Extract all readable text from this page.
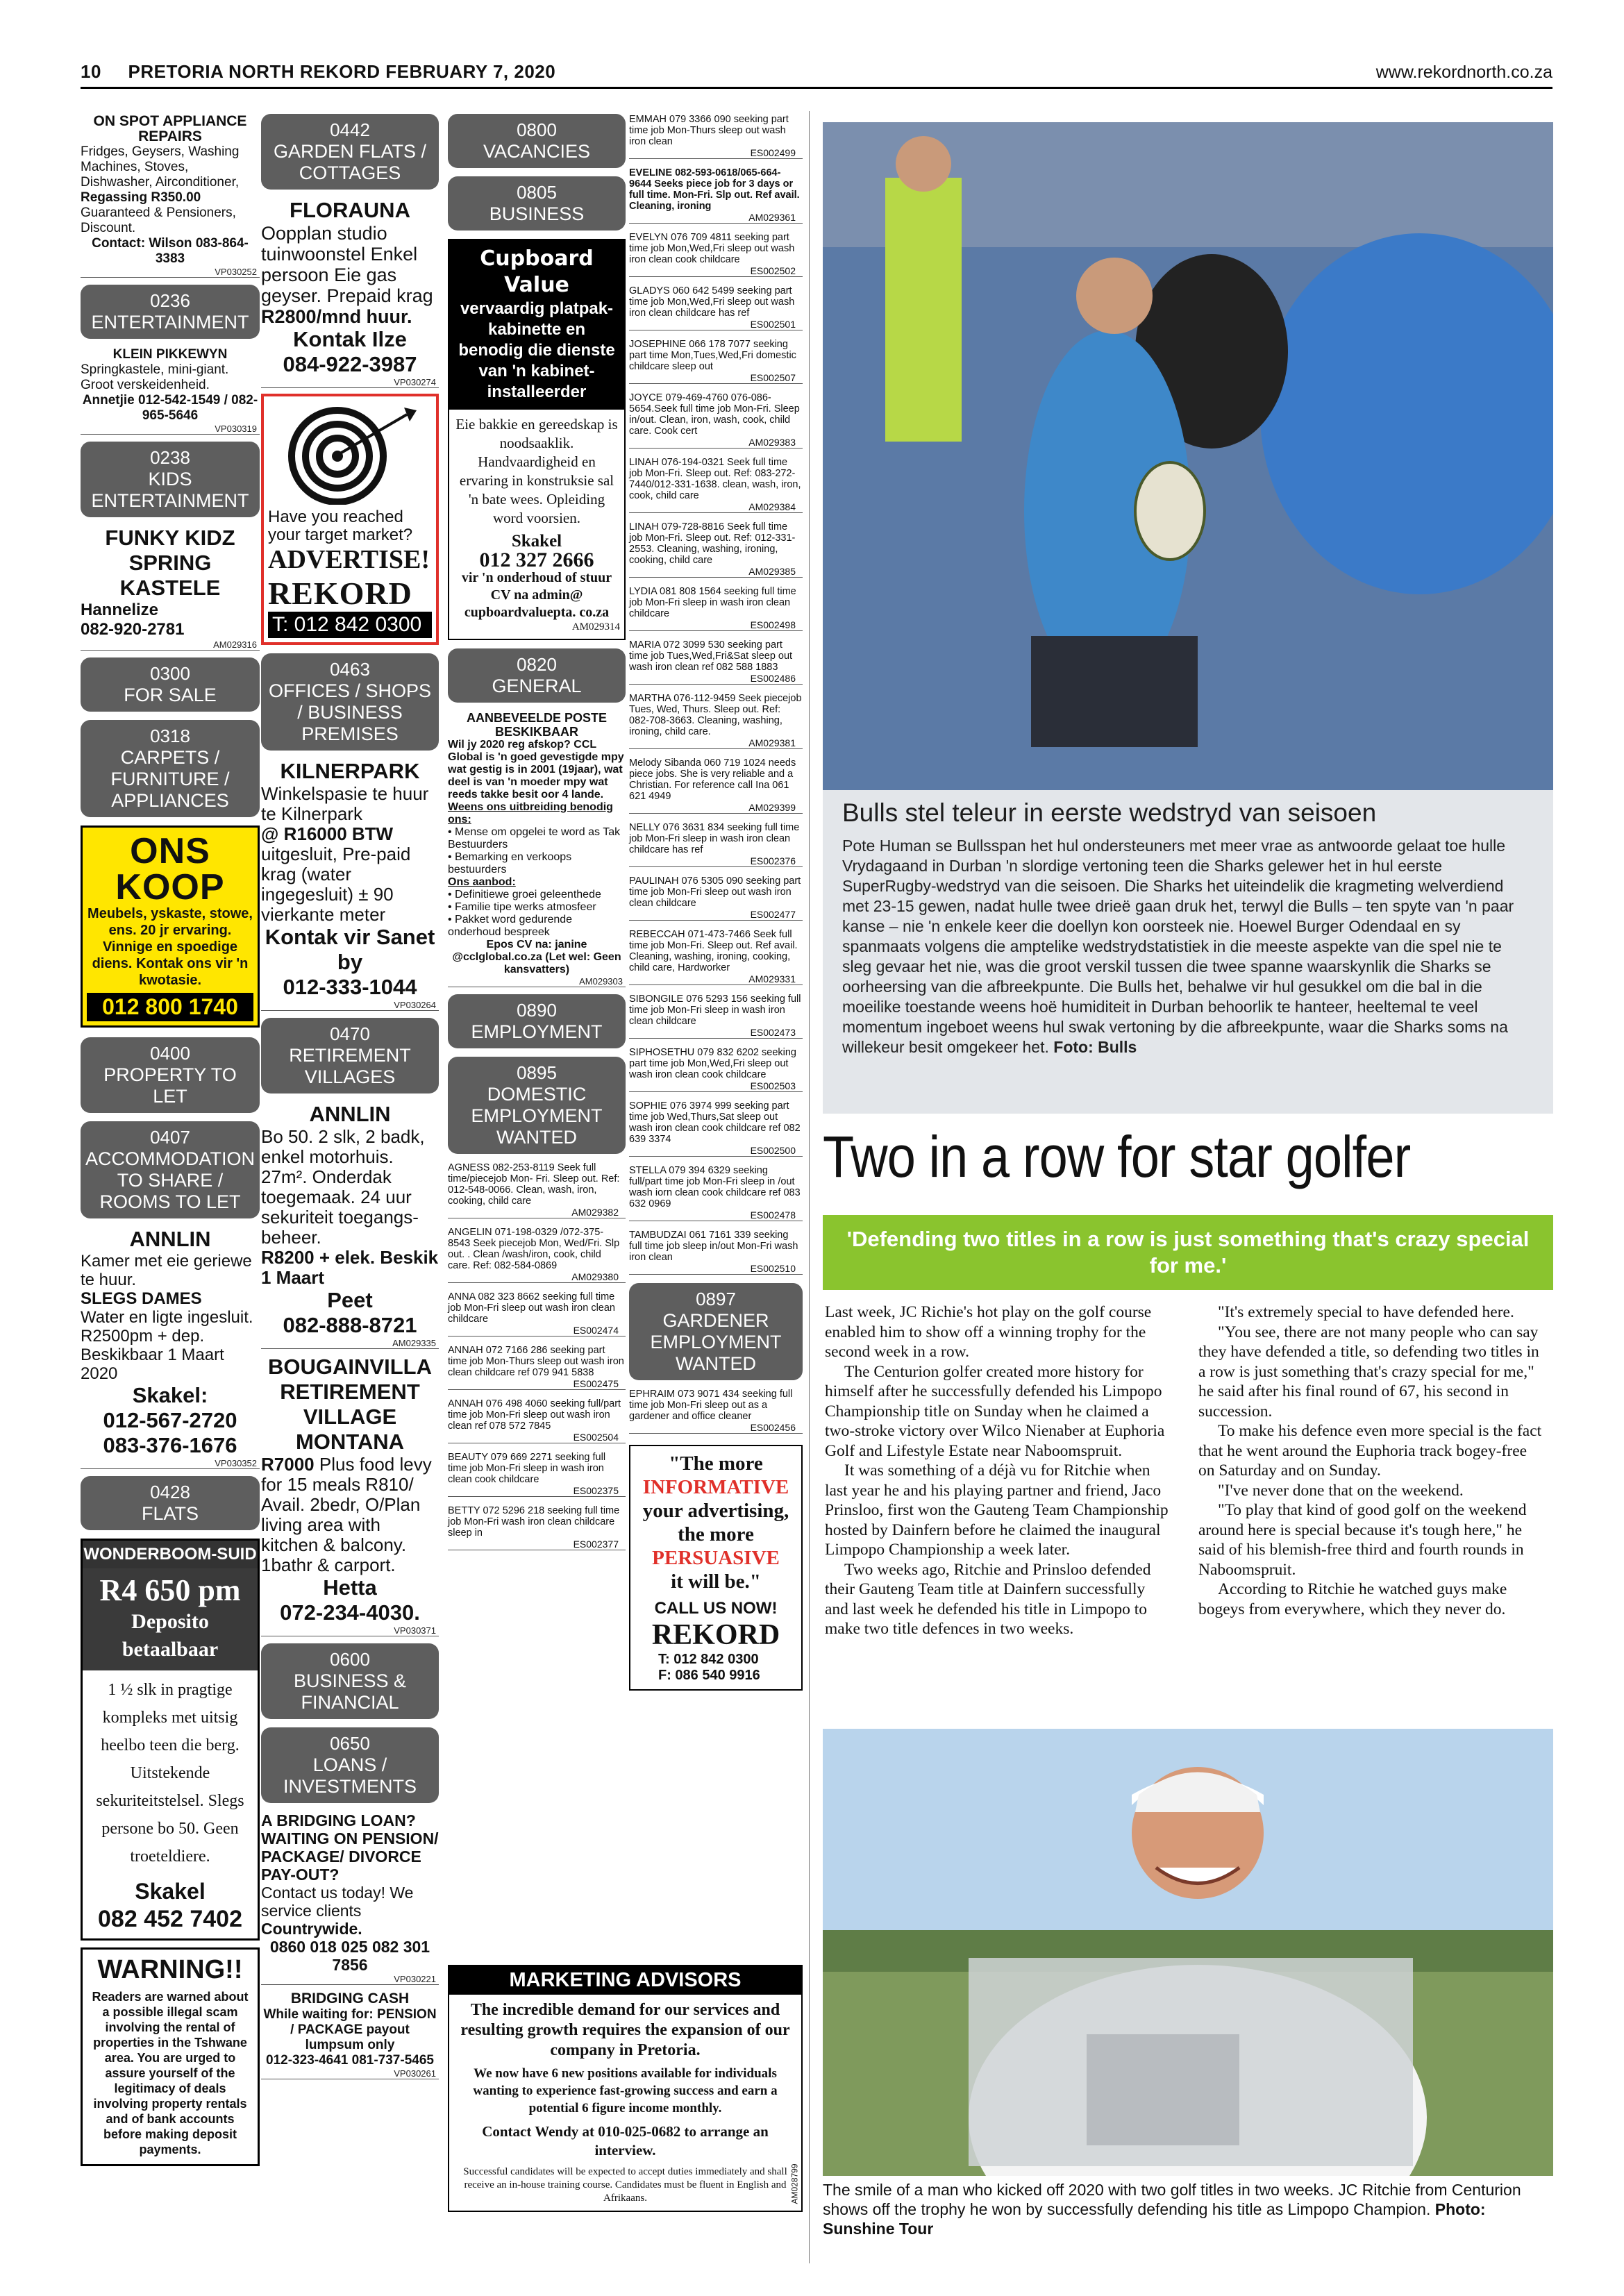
10     PRETORIA NORTH REKORD FEBRUARY 7, 2020	www.rekordnorth.co.za
ON SPOT APPLIANCE REPAIRS
Fridges, Geysers, Washing Machines, Stoves, Dishwasher, Airconditioner,
Regassing R350.00
Guaranteed & Pensioners, Discount.
Contact: Wilson 083-864-3383
VP030252
0236
ENTERTAINMENT
KLEIN PIKKEWYN
Springkastele, mini-giant. Groot verskeidenheid.
Annetjie 012-542-1549 / 082-965-5646
VP030319
0238
KIDS ENTERTAINMENT
FUNKY KIDZ SPRING KASTELE
Hannelize
082-920-2781
AM029316
0300
FOR SALE
0318
CARPETS / FURNITURE / APPLIANCES
ONS
KOOP
Meubels, yskaste, stowe, ens. 20 jr ervaring. Vinnige en spoedige diens. Kontak ons vir 'n kwotasie.
012 800 1740
0400
PROPERTY TO LET
0407
ACCOMMODATION TO SHARE / ROOMS TO LET
ANNLIN
Kamer met eie geriewe te huur.
SLEGS DAMES
Water en ligte ingesluit. R2500pm + dep. Beskikbaar 1 Maart 2020
Skakel:
012-567-2720
083-376-1676
VP030352
0428
FLATS
WONDERBOOM-SUID
R4 650 pm
Deposito betaalbaar
1 ½ slk in pragtige kompleks met uitsig heelbo teen die berg. Uitstekende sekuriteitstelsel. Slegs persone bo 50. Geen troeteldiere.
Skakel
082 452 7402
WARNING!!
Readers are warned about a possible illegal scam involving the rental of properties in the Tshwane area. You are urged to assure yourself of the legitimacy of deals involving property rentals and of bank accounts before making deposit payments.
0442
GARDEN FLATS / COTTAGES
FLORAUNA
Oopplan studio tuinwoonstel Enkel persoon Eie gas geyser. Prepaid krag
R2800/mnd huur.
Kontak Ilze
084-922-3987
VP030274
Have you reached your target market?
ADVERTISE!
REKORD
T: 012 842 0300
0463
OFFICES / SHOPS / BUSINESS PREMISES
KILNERPARK
Winkelspasie te huur te Kilnerpark
@ R16000 BTW
uitgesluit, Pre-paid krag (water ingegesluit) ± 90 vierkante meter
Kontak vir Sanet by
012-333-1044
VP030264
0470
RETIREMENT VILLAGES
ANNLIN
Bo 50. 2 slk, 2 badk, enkel motorhuis. 27m². Onderdak toegemaak. 24 uur sekuriteit toegangs-beheer.
R8200 + elek. Beskik 1 Maart
Peet
082-888-8721
AM029335
BOUGAINVILLA RETIREMENT VILLAGE MONTANA
R7000 Plus food levy for 15 meals R810/ Avail. 2bedr, O/Plan living area with kitchen & balcony. 1bathr & carport.
Hetta
072-234-4030.
VP030371
0600
BUSINESS & FINANCIAL
0650
LOANS / INVESTMENTS
A BRIDGING LOAN? WAITING ON PENSION/ PACKAGE/ DIVORCE PAY-OUT?
Contact us today! We service clients
Countrywide.
0860 018 025 082 301 7856
VP030221
BRIDGING CASH
While waiting for: PENSION / PACKAGE payout lumpsum only
012-323-4641 081-737-5465
VP030261
0800
VACANCIES
0805
BUSINESS
Cupboard Value
vervaardig platpak-kabinette en benodig die dienste van 'n kabinet-installeerder
Eie bakkie en gereedskap is noodsaaklik. Handvaardigheid en ervaring in konstruksie sal 'n bate wees. Opleiding word voorsien.
Skakel
012 327 2666
vir 'n onderhoud of stuur CV na admin@ cupboardvaluepta. co.za
AM029314
0820
GENERAL
AANBEVEELDE POSTE BESKIKBAAR
Wil jy 2020 reg afskop? CCL Global is 'n goed gevestigde mpy wat gestig is in 2001 (19jaar), wat deel is van 'n moeder mpy wat reeds takke besit oor 4 lande.
Weens ons uitbreiding benodig ons:
• Mense om opgelei te word as Tak Bestuurders
• Bemarking en verkoops bestuurders
Ons aanbod:
• Definitiewe groei geleenthede
• Familie tipe werks atmosfeer
• Pakket word gedurende onderhoud bespreek
Epos CV na: janine @cclglobal.co.za (Let wel: Geen kansvatters)
AM029303
0890
EMPLOYMENT
0895
DOMESTIC EMPLOYMENT WANTED
AGNESS 082-253-8119 Seek full time/piecejob Mon- Fri. Sleep out. Ref: 012-548-0066. Clean, wash, iron, cooking, child care
AM029382
ANGELIN 071-198-0329 /072-375-8543 Seek piecejob Mon, Wed/Fri. Slp out. . Clean /wash/iron, cook, child care. Ref: 082-584-0869
AM029380
ANNA 082 323 8662 seeking full time job Mon-Fri sleep out wash iron clean childcare
ES002474
ANNAH 072 7166 286 seeking part time job Mon-Thurs sleep out wash iron clean childcare ref 079 941 5838
ES002475
ANNAH 076 498 4060 seeking full/part time job Mon-Fri sleep out wash iron clean ref 078 572 7845
ES002504
BEAUTY 079 669 2271 seeking full time job Mon-Fri sleep in wash iron clean cook childcare
ES002375
BETTY 072 5296 218 seeking full time job Mon-Fri wash iron clean childcare sleep in
ES002377
EMMAH 079 3366 090 seeking part time job Mon-Thurs sleep out wash iron clean
ES002499
EVELINE 082-593-0618/065-664-9644 Seeks piece job for 3 days or full time. Mon-Fri. Slp out. Ref avail. Cleaning, ironing
AM029361
EVELYN 076 709 4811 seeking part time job Mon,Wed,Fri sleep out wash iron clean cook childcare
ES002502
GLADYS 060 642 5499 seeking part time job Mon,Wed,Fri sleep out wash iron clean childcare has ref
ES002501
JOSEPHINE 066 178 7077 seeking part time Mon,Tues,Wed,Fri domestic childcare sleep out
ES002507
JOYCE 079-469-4760 076-086-5654.Seek full time job Mon-Fri. Sleep in/out. Clean, iron, wash, cook, child care. Cook cert
AM029383
LINAH 076-194-0321 Seek full time job Mon-Fri. Sleep out. Ref: 083-272-7440/012-331-1638. clean, wash, iron, cook, child care
AM029384
LINAH 079-728-8816 Seek full time job Mon-Fri. Sleep out. Ref: 012-331-2553. Cleaning, washing, ironing, cooking, child care
AM029385
LYDIA 081 808 1564 seeking full time job Mon-Fri sleep in wash iron clean childcare
ES002498
MARIA 072 3099 530 seeking part time job Tues,Wed,Fri&Sat sleep out wash iron clean ref 082 588 1883
ES002486
MARTHA 076-112-9459 Seek piecejob Tues, Wed, Thurs. Sleep out. Ref: 082-708-3663. Cleaning, washing, ironing, child care.
AM029381
Melody Sibanda 060 719 1024 needs piece jobs. She is very reliable and a Christian. For reference call Ina 061 621 4949
AM029399
NELLY 076 3631 834 seeking full time job Mon-Fri sleep in wash iron clean childcare has ref
ES002376
PAULINAH 076 5305 090 seeking part time job Mon-Fri sleep out wash iron clean childcare
ES002477
REBECCAH 071-473-7466 Seek full time job Mon-Fri. Sleep out. Ref avail. Cleaning, washing, ironing, cooking, child care, Hardworker
AM029331
SIBONGILE 076 5293 156 seeking full time job Mon-Fri sleep in wash iron clean childcare
ES002473
SIPHOSETHU 079 832 6202 seeking part time job Mon,Wed,Fri sleep out wash iron clean cook childcare
ES002503
SOPHIE 076 3974 999 seeking part time job Wed,Thurs,Sat sleep out wash iron clean cook childcare ref 082 639 3374
ES002500
STELLA 079 394 6329 seeking full/part time job Mon-Fri sleep in /out wash iorn clean cook childcare ref 083 632 0969
ES002478
TAMBUDZAI 061 7161 339 seeking full time job sleep in/out Mon-Fri wash iron clean
ES002510
0897
GARDENER EMPLOYMENT WANTED
EPHRAIM 073 9071 434 seeking full time job Mon-Fri sleep out as a gardener and office cleaner
ES002456
"The more
INFORMATIVE
your advertising, the more
PERSUASIVE
it will be."
CALL US NOW!
REKORD
T: 012 842 0300
F: 086 540 9916
MARKETING ADVISORS
The incredible demand for our services and resulting growth requires the expansion of our company in Pretoria.
We now have 6 new positions available for individuals wanting to experience fast-growing success and earn a potential 6 figure income monthly.
Contact Wendy at 010-025-0682 to arrange an interview.
Successful candidates will be expected to accept duties immediately and shall receive an in-house training course. Candidates must be fluent in English and Afrikaans.	AM028799
Bulls stel teleur in eerste wedstryd van seisoen
Pote Human se Bullsspan het hul ondersteuners met meer vrae as antwoorde gelaat toe hulle Vrydagaand in Durban 'n slordige vertoning teen die Sharks gelewer het in hul eerste SuperRugby-wedstryd van die seisoen. Die Sharks het uiteindelik die kragmeting welverdiend met 23-15 gewen, nadat hulle twee drieë gaan druk het, terwyl die Bulls – ten spyte van 'n paar kanse – nie 'n enkele keer die doellyn kon oorsteek nie. Hoewel Burger Odendaal en sy spanmaats volgens die amptelike wedstrydstatistiek in die meeste aspekte van die spel nie te sleg gevaar het nie, was die groot verskil tussen die twee spanne waarskynlik die Sharks se oorheersing van die afbreekpunte. Die Bulls het, behalwe vir hul gesukkel om die bal in die moeilike toestande weens hoë humiditeit in Durban behoorlik te hanteer, heeltemal te veel momentum ingeboet weens hul swak vertoning by die afbreekpunte, waar die Sharks soms na willekeur besit omgekeer het. Foto: Bulls
Two in a row for star golfer
'Defending two titles in a row is just something that's crazy special for me.'

Last week, JC Richie's hot play on the golf course enabled him to show off a winning trophy for the second week in a row.

The Centurion golfer created more history for himself after he successfully defended his Limpopo Championship title on Sunday when he claimed a two-stroke victory over Wilco Nienaber at Euphoria Golf and Lifestyle Estate near Naboomspruit.

It was something of a déjà vu for Ritchie when last year he and his playing partner and friend, Jaco Prinsloo, first won the Gauteng Team Championship hosted by Dainfern before he claimed the inaugural Limpopo Championship a week later.

Two weeks ago, Ritchie and Prinsloo defended their Gauteng Team title at Dainfern successfully and last week he defended his title in Limpopo to make two title defences in two weeks.

"It's extremely special to have defended here.

"You see, there are not many people who can say they have defended a title, so defending two titles in a row is just something that's crazy special for me," he said after his final round of 67, his second in succession.

To make his defence even more special is the fact that he went around the Euphoria track bogey-free on Saturday and on Sunday.

"I've never done that on the weekend.

"To play that kind of good golf on the weekend around here is special because it's tough here," he said of his blemish-free third and fourth rounds in Naboomspruit.

According to Ritchie he watched guys make bogeys from everywhere, which they never do.

The smile of a man who kicked off 2020 with two golf titles in two weeks. JC Ritchie from Centurion shows off the trophy he won by successfully defending his title as Limpopo Champion. Photo: Sunshine Tour
